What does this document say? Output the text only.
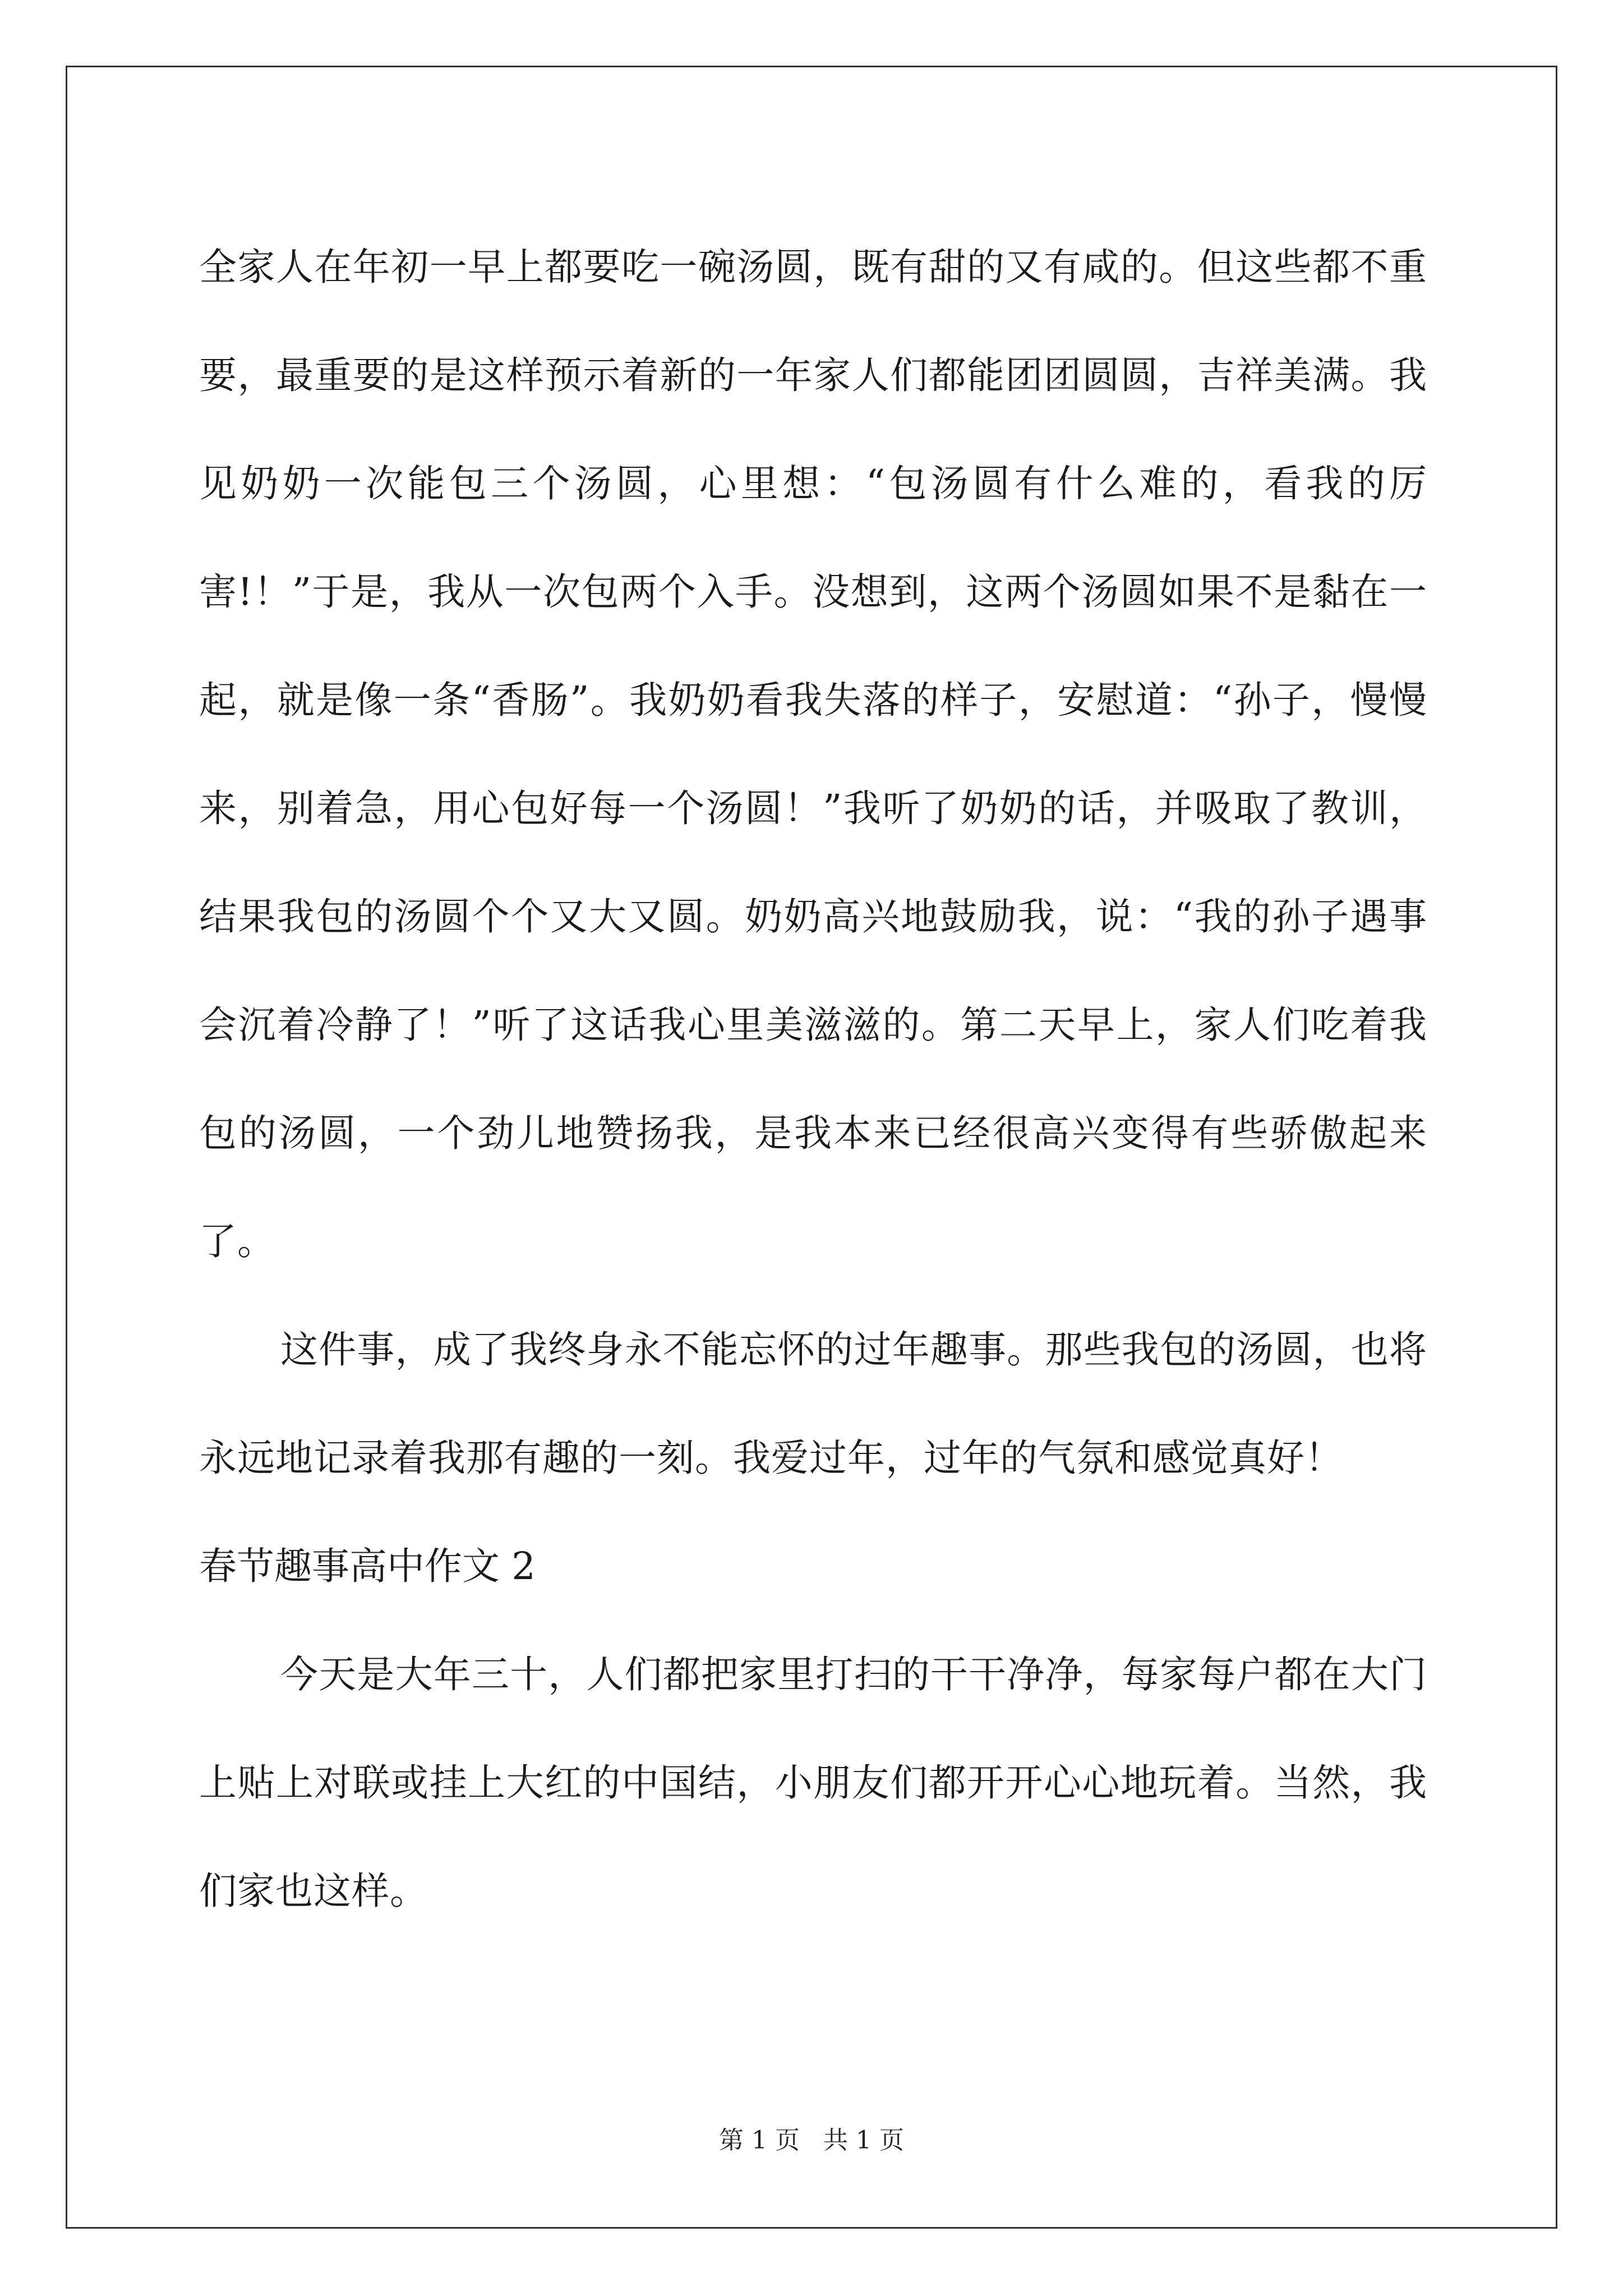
全家人在年初一早上都要吃一碗汤圆，既有甜的又有咸的。但这些都不重要，最重要的是这样预示着新的一年家人们都能团团圆圆，吉祥美满。我见奶奶一次能包三个汤圆，心里想：“包汤圆有什么难的，看我的厉害!！”于是，我从一次包两个入手。没想到，这两个汤圆如果不是黏在一起，就是像一条“香肠”。我奶奶看我失落的样子，安慰道：“孙子，慢慢来，别着急，用心包好每一个汤圆！”我听了奶奶的话，并吸取了教训，结果我包的汤圆个个又大又圆。奶奶高兴地鼓励我，说：“我的孙子遇事会沉着冷静了！”听了这话我心里美滋滋的。第二天早上，家人们吃着我包的汤圆，一个劲儿地赞扬我，是我本来已经很高兴变得有些骄傲起来了。

这件事，成了我终身永不能忘怀的过年趣事。那些我包的汤圆，也将永远地记录着我那有趣的一刻。我爱过年，过年的气氛和感觉真好！

春节趣事高中作文 2

今天是大年三十，人们都把家里打扫的干干净净，每家每户都在大门上贴上对联或挂上大红的中国结，小朋友们都开开心心地玩着。当然，我们家也这样。

第 1 页 共 1 页
